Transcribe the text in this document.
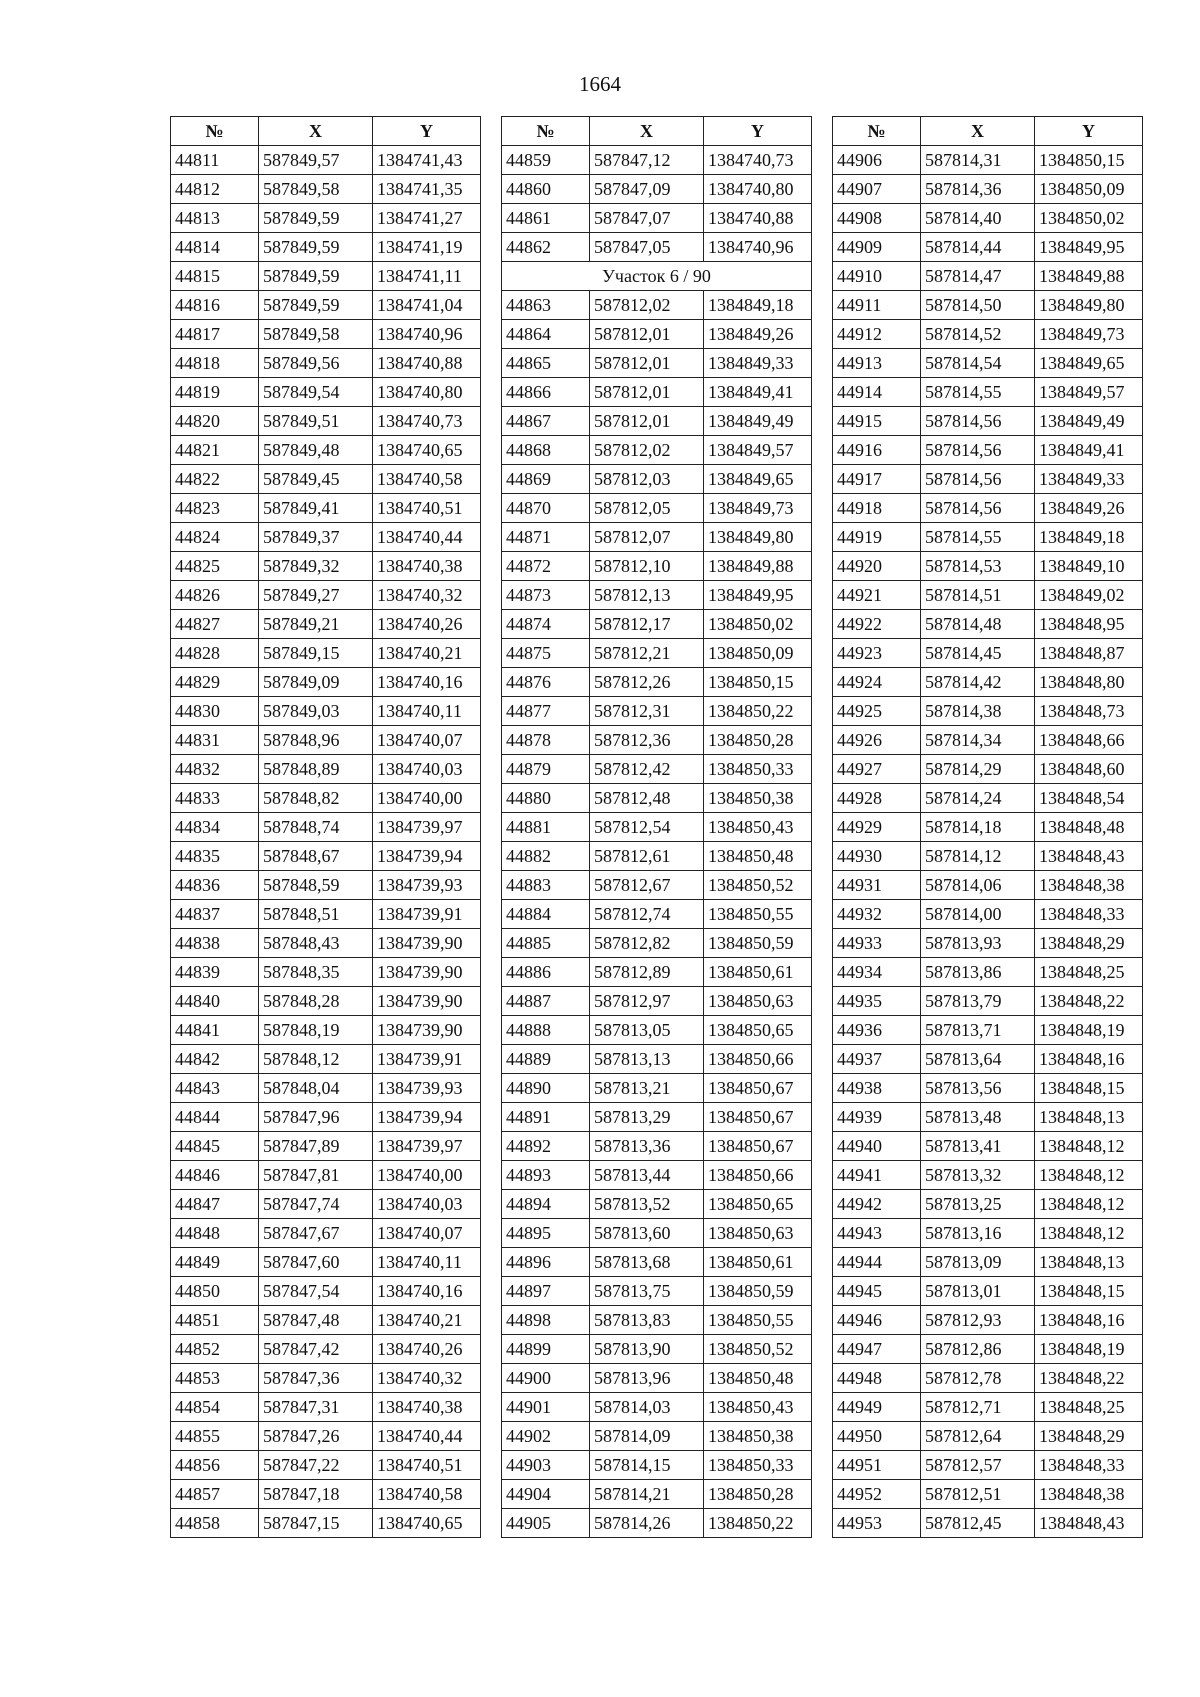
1664
№	X	Y
44811	587849,57	1384741,43
44812	587849,58	1384741,35
44813	587849,59	1384741,27
44814	587849,59	1384741,19
44815	587849,59	1384741,11
44816	587849,59	1384741,04
44817	587849,58	1384740,96
44818	587849,56	1384740,88
44819	587849,54	1384740,80
44820	587849,51	1384740,73
44821	587849,48	1384740,65
44822	587849,45	1384740,58
44823	587849,41	1384740,51
44824	587849,37	1384740,44
44825	587849,32	1384740,38
44826	587849,27	1384740,32
44827	587849,21	1384740,26
44828	587849,15	1384740,21
44829	587849,09	1384740,16
44830	587849,03	1384740,11
44831	587848,96	1384740,07
44832	587848,89	1384740,03
44833	587848,82	1384740,00
44834	587848,74	1384739,97
44835	587848,67	1384739,94
44836	587848,59	1384739,93
44837	587848,51	1384739,91
44838	587848,43	1384739,90
44839	587848,35	1384739,90
44840	587848,28	1384739,90
44841	587848,19	1384739,90
44842	587848,12	1384739,91
44843	587848,04	1384739,93
44844	587847,96	1384739,94
44845	587847,89	1384739,97
44846	587847,81	1384740,00
44847	587847,74	1384740,03
44848	587847,67	1384740,07
44849	587847,60	1384740,11
44850	587847,54	1384740,16
44851	587847,48	1384740,21
44852	587847,42	1384740,26
44853	587847,36	1384740,32
44854	587847,31	1384740,38
44855	587847,26	1384740,44
44856	587847,22	1384740,51
44857	587847,18	1384740,58
44858	587847,15	1384740,65
№	X	Y
44859	587847,12	1384740,73
44860	587847,09	1384740,80
44861	587847,07	1384740,88
44862	587847,05	1384740,96
Участок 6 / 90		
44863	587812,02	1384849,18
44864	587812,01	1384849,26
44865	587812,01	1384849,33
44866	587812,01	1384849,41
44867	587812,01	1384849,49
44868	587812,02	1384849,57
44869	587812,03	1384849,65
44870	587812,05	1384849,73
44871	587812,07	1384849,80
44872	587812,10	1384849,88
44873	587812,13	1384849,95
44874	587812,17	1384850,02
44875	587812,21	1384850,09
44876	587812,26	1384850,15
44877	587812,31	1384850,22
44878	587812,36	1384850,28
44879	587812,42	1384850,33
44880	587812,48	1384850,38
44881	587812,54	1384850,43
44882	587812,61	1384850,48
44883	587812,67	1384850,52
44884	587812,74	1384850,55
44885	587812,82	1384850,59
44886	587812,89	1384850,61
44887	587812,97	1384850,63
44888	587813,05	1384850,65
44889	587813,13	1384850,66
44890	587813,21	1384850,67
44891	587813,29	1384850,67
44892	587813,36	1384850,67
44893	587813,44	1384850,66
44894	587813,52	1384850,65
44895	587813,60	1384850,63
44896	587813,68	1384850,61
44897	587813,75	1384850,59
44898	587813,83	1384850,55
44899	587813,90	1384850,52
44900	587813,96	1384850,48
44901	587814,03	1384850,43
44902	587814,09	1384850,38
44903	587814,15	1384850,33
44904	587814,21	1384850,28
44905	587814,26	1384850,22
№	X	Y
44906	587814,31	1384850,15
44907	587814,36	1384850,09
44908	587814,40	1384850,02
44909	587814,44	1384849,95
44910	587814,47	1384849,88
44911	587814,50	1384849,80
44912	587814,52	1384849,73
44913	587814,54	1384849,65
44914	587814,55	1384849,57
44915	587814,56	1384849,49
44916	587814,56	1384849,41
44917	587814,56	1384849,33
44918	587814,56	1384849,26
44919	587814,55	1384849,18
44920	587814,53	1384849,10
44921	587814,51	1384849,02
44922	587814,48	1384848,95
44923	587814,45	1384848,87
44924	587814,42	1384848,80
44925	587814,38	1384848,73
44926	587814,34	1384848,66
44927	587814,29	1384848,60
44928	587814,24	1384848,54
44929	587814,18	1384848,48
44930	587814,12	1384848,43
44931	587814,06	1384848,38
44932	587814,00	1384848,33
44933	587813,93	1384848,29
44934	587813,86	1384848,25
44935	587813,79	1384848,22
44936	587813,71	1384848,19
44937	587813,64	1384848,16
44938	587813,56	1384848,15
44939	587813,48	1384848,13
44940	587813,41	1384848,12
44941	587813,32	1384848,12
44942	587813,25	1384848,12
44943	587813,16	1384848,12
44944	587813,09	1384848,13
44945	587813,01	1384848,15
44946	587812,93	1384848,16
44947	587812,86	1384848,19
44948	587812,78	1384848,22
44949	587812,71	1384848,25
44950	587812,64	1384848,29
44951	587812,57	1384848,33
44952	587812,51	1384848,38
44953	587812,45	1384848,43
